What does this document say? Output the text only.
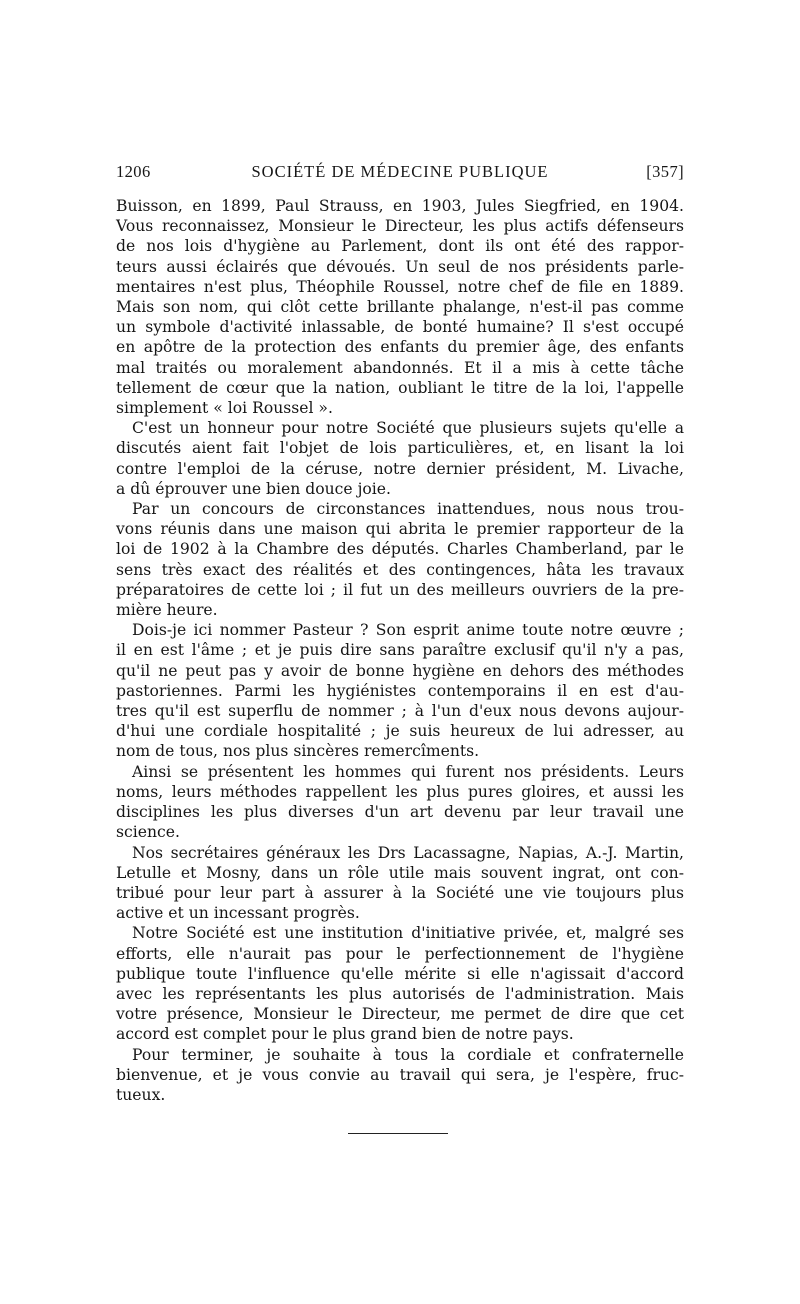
1206	SOCIÉTÉ DE MÉDECINE PUBLIQUE	[357]

Buisson, en 1899, Paul Strauss, en 1903, Jules Siegfried, en 1904.
Vous reconnaissez, Monsieur le Directeur, les plus actifs défenseurs
de nos lois d'hygiène au Parlement, dont ils ont été des rappor-
teurs aussi éclairés que dévoués. Un seul de nos présidents parle-
mentaires n'est plus, Théophile Roussel, notre chef de file en 1889.
Mais son nom, qui clôt cette brillante phalange, n'est-il pas comme
un symbole d'activité inlassable, de bonté humaine? Il s'est occupé
en apôtre de la protection des enfants du premier âge, des enfants
mal traités ou moralement abandonnés. Et il a mis à cette tâche
tellement de cœur que la nation, oubliant le titre de la loi, l'appelle
simplement « loi Roussel ».

C'est un honneur pour notre Société que plusieurs sujets qu'elle a
discutés aient fait l'objet de lois particulières, et, en lisant la loi
contre l'emploi de la céruse, notre dernier président, M. Livache,
a dû éprouver une bien douce joie.

Par un concours de circonstances inattendues, nous nous trou-
vons réunis dans une maison qui abrita le premier rapporteur de la
loi de 1902 à la Chambre des députés. Charles Chamberland, par le
sens très exact des réalités et des contingences, hâta les travaux
préparatoires de cette loi ; il fut un des meilleurs ouvriers de la pre-
mière heure.

Dois-je ici nommer Pasteur ? Son esprit anime toute notre œuvre ;
il en est l'âme ; et je puis dire sans paraître exclusif qu'il n'y a pas,
qu'il ne peut pas y avoir de bonne hygiène en dehors des méthodes
pastoriennes. Parmi les hygiénistes contemporains il en est d'au-
tres qu'il est superflu de nommer ; à l'un d'eux nous devons aujour-
d'hui une cordiale hospitalité ; je suis heureux de lui adresser, au
nom de tous, nos plus sincères remercîments.

Ainsi se présentent les hommes qui furent nos présidents. Leurs
noms, leurs méthodes rappellent les plus pures gloires, et aussi les
disciplines les plus diverses d'un art devenu par leur travail une
science.

Nos secrétaires généraux les Drs Lacassagne, Napias, A.-J. Martin,
Letulle et Mosny, dans un rôle utile mais souvent ingrat, ont con-
tribué pour leur part à assurer à la Société une vie toujours plus
active et un incessant progrès.

Notre Société est une institution d'initiative privée, et, malgré ses
efforts, elle n'aurait pas pour le perfectionnement de l'hygiène
publique toute l'influence qu'elle mérite si elle n'agissait d'accord
avec les représentants les plus autorisés de l'administration. Mais
votre présence, Monsieur le Directeur, me permet de dire que cet
accord est complet pour le plus grand bien de notre pays.

Pour terminer, je souhaite à tous la cordiale et confraternelle
bienvenue, et je vous convie au travail qui sera, je l'espère, fruc-
tueux.
